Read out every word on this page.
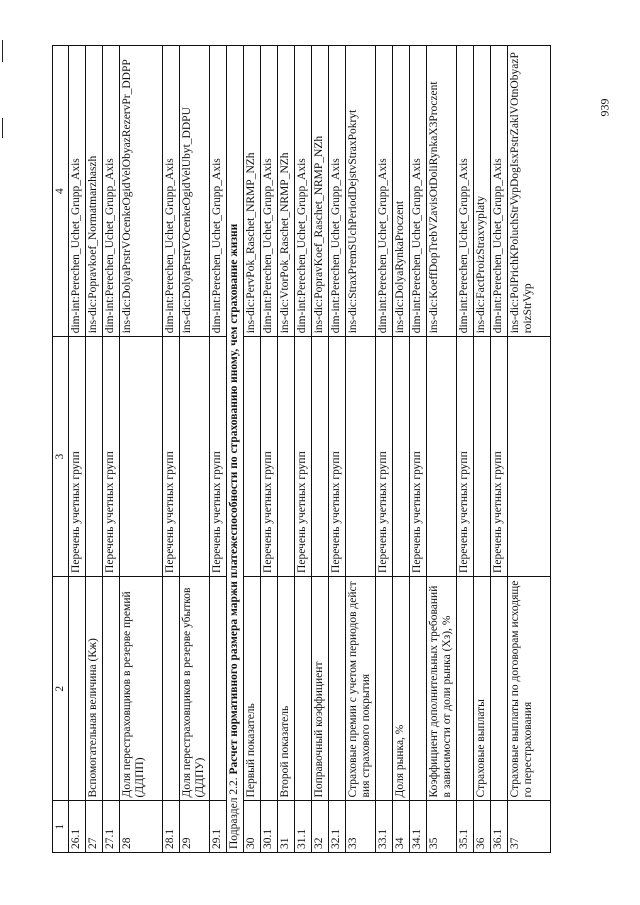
1	2	3	4
26.1		Перечень учетных групп	dim-int:Perechen_Uchet_Grupp_Axis
27	Вспомогательная величина (Кж)		ins-dic:Popravkoef_Normatmarzhaszh
27.1		Перечень учетных групп	dim-int:Perechen_Uchet_Grupp_Axis
28	Доля перестраховщиков в резерве премий (ДДПП)		ins-dic:DolyaPrstrVOcenkeOgidVelObyazRezervPr_DDPP
28.1		Перечень учетных групп	dim-int:Perechen_Uchet_Grupp_Axis
29	Доля перестраховщиков в резерве убытков (ДДПУ)		ins-dic:DolyaPrstrVOcenkeOgidVelUbyt_DDPU
29.1		Перечень учетных групп	dim-int:Perechen_Uchet_Grupp_Axis
Подраздел 2.2. Расчет нормативного размера маржи платежеспособности по страхованию иному, чем страхование жизни			
30	Первый показатель		ins-dic:PervPok_Raschet_NRMP_NZh
30.1		Перечень учетных групп	dim-int:Perechen_Uchet_Grupp_Axis
31	Второй показатель		ins-dic:VtorPok_Raschet_NRMP_NZh
31.1		Перечень учетных групп	dim-int:Perechen_Uchet_Grupp_Axis
32	Поправочный коэффициент		ins-dic:PopravKoef_Raschet_NRMP_NZh
32.1		Перечень учетных групп	dim-int:Perechen_Uchet_Grupp_Axis
33	Страховые премии с учетом периодов действия страхового покрытия		ins-dic:StraxPremSUchPeriodDejstvStraxPokryt
33.1		Перечень учетных групп	dim-int:Perechen_Uchet_Grupp_Axis
34	Доля рынка, %		ins-dic:DolyaRynkaProczent
34.1		Перечень учетных групп	dim-int:Perechen_Uchet_Grupp_Axis
35	Коэффициент дополнительных требований в зависимости от доли рынка (Хз), %		ins-dic:KoeffDopTrebVZavisOtDoliRynkaX3Proczent
35.1		Перечень учетных групп	dim-int:Perechen_Uchet_Grupp_Axis
36	Страховые выплаты		ins-dic:FactProizStraxvyplaty
36.1		Перечень учетных групп	dim-int:Perechen_Uchet_Grupp_Axis
37	Страховые выплаты по договорам исходящего перестрахования		ins-dic:PolPrichKPoluchStrVypDogIsxPstrZaklVOtnObyazProizStrVyp
939
